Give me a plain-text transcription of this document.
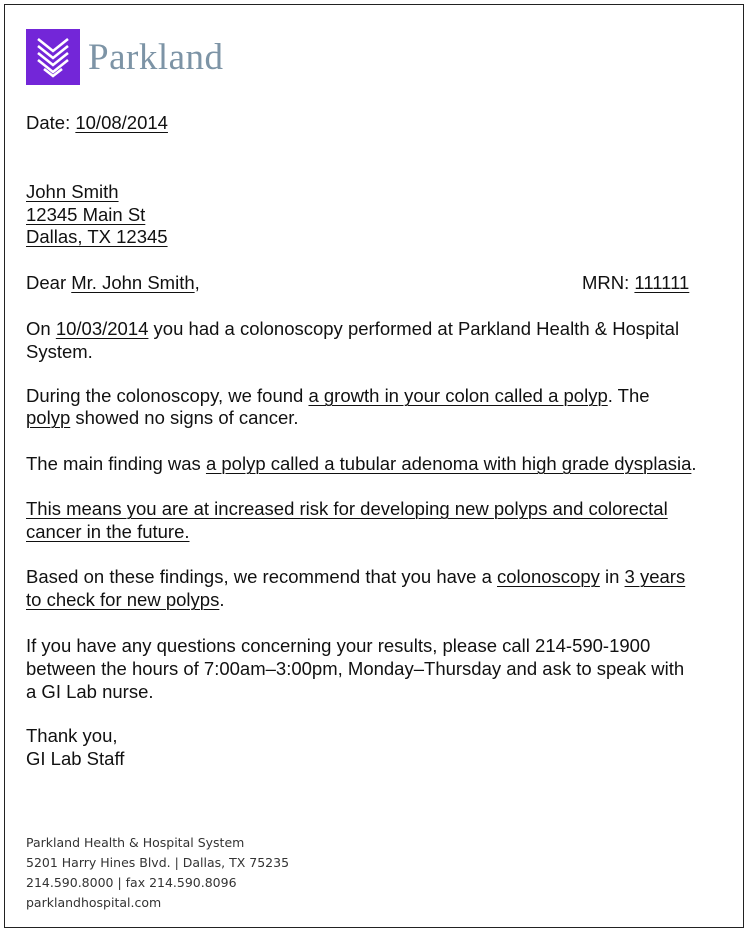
Parkland
Date: 10/08/2014
John Smith
12345 Main St
Dallas, TX 12345
Dear Mr. John Smith,	MRN: 111111
On 10/03/2014 you had a colonoscopy performed at Parkland Health & Hospital
System.
During the colonoscopy, we found a growth in your colon called a polyp. The
polyp showed no signs of cancer.
The main finding was a polyp called a tubular adenoma with high grade dysplasia.
This means you are at increased risk for developing new polyps and colorectal
cancer in the future.
Based on these findings, we recommend that you have a colonoscopy in 3 years
to check for new polyps.
If you have any questions concerning your results, please call 214-590-1900
between the hours of 7:00am–3:00pm, Monday–Thursday and ask to speak with
a GI Lab nurse.
Thank you,
GI Lab Staff
Parkland Health & Hospital System
5201 Harry Hines Blvd. | Dallas, TX 75235
214.590.8000 | fax 214.590.8096
parklandhospital.com
